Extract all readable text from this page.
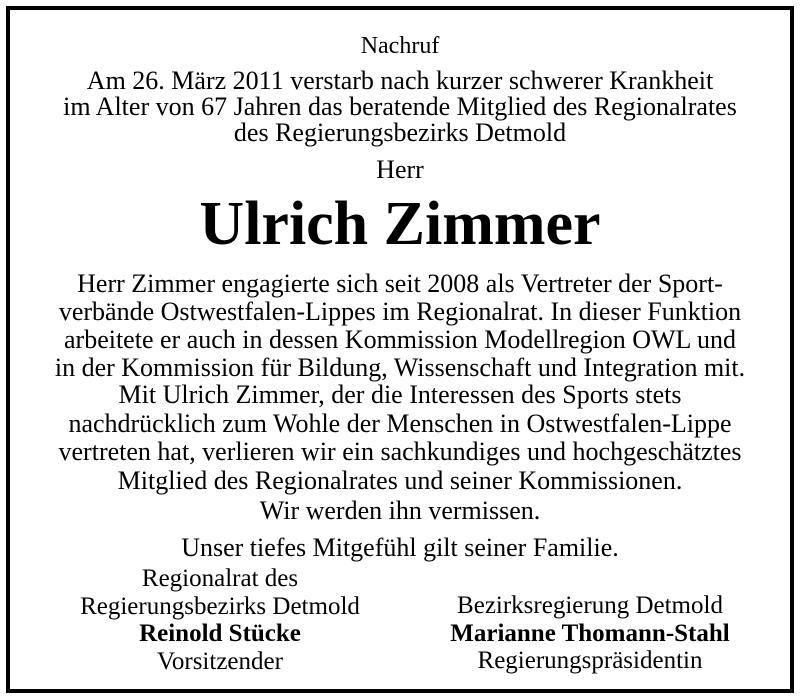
Nachruf
Am 26. März 2011 verstarb nach kurzer schwerer Krankheit
im Alter von 67 Jahren das beratende Mitglied des Regionalrates
des Regierungsbezirks Detmold
Herr
Ulrich Zimmer
Herr Zimmer engagierte sich seit 2008 als Vertreter der Sport-
verbände Ostwestfalen-Lippes im Regionalrat. In dieser Funktion
arbeitete er auch in dessen Kommission Modellregion OWL und
in der Kommission für Bildung, Wissenschaft und Integration mit.
Mit Ulrich Zimmer, der die Interessen des Sports stets
nachdrücklich zum Wohle der Menschen in Ostwestfalen-Lippe
vertreten hat, verlieren wir ein sachkundiges und hochgeschätztes
Mitglied des Regionalrates und seiner Kommissionen.
Wir werden ihn vermissen.
Unser tiefes Mitgefühl gilt seiner Familie.
Regionalrat des
Regierungsbezirks Detmold
Reinold Stücke
Vorsitzender
Bezirksregierung Detmold
Marianne Thomann-Stahl
Regierungspräsidentin
